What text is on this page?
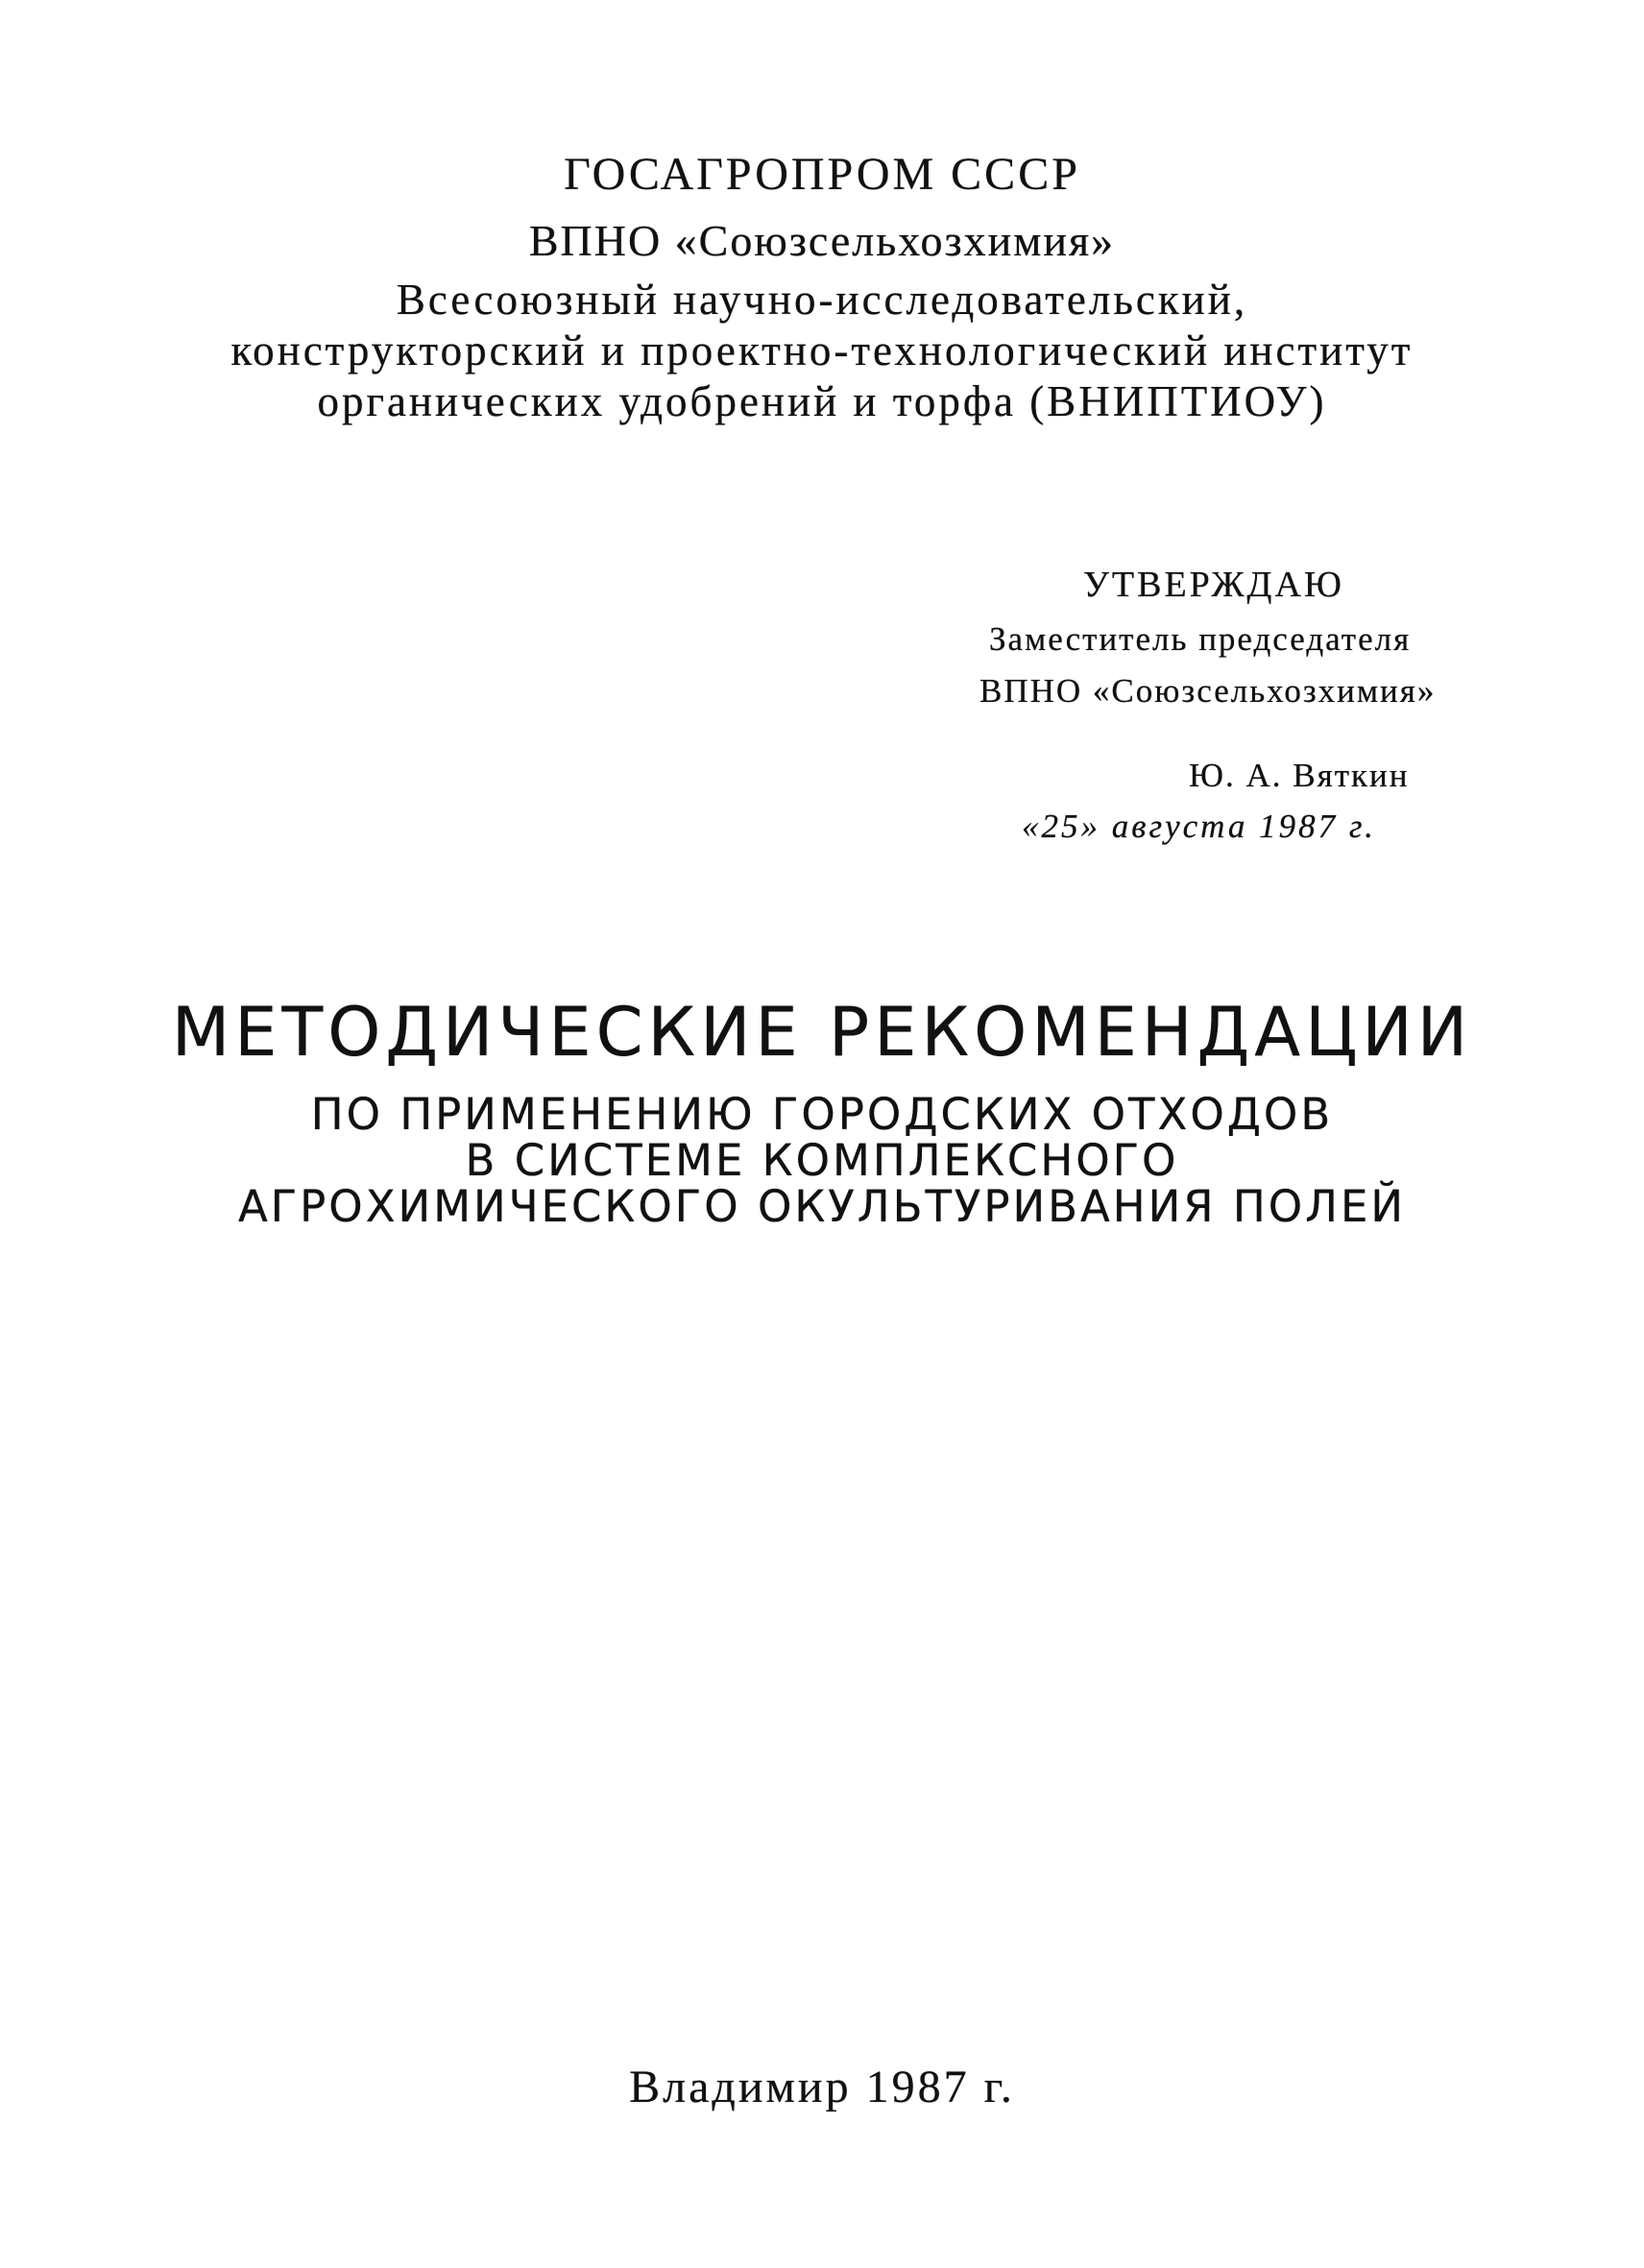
ГОСАГРОПРОМ СССР
ВПНО «Союзсельхозхимия»
Всесоюзный научно-исследовательский,
конструкторский и проектно-технологический институт
органических удобрений и торфа (ВНИПТИОУ)
УТВЕРЖДАЮ
Заместитель председателя
ВПНО «Союзсельхозхимия»
Ю. А. Вяткин
«25» августа 1987 г.
МЕТОДИЧЕСКИЕ РЕКОМЕНДАЦИИ
ПО ПРИМЕНЕНИЮ ГОРОДСКИХ ОТХОДОВ
В СИСТЕМЕ КОМПЛЕКСНОГО
АГРОХИМИЧЕСКОГО ОКУЛЬТУРИВАНИЯ ПОЛЕЙ
Владимир 1987 г.
